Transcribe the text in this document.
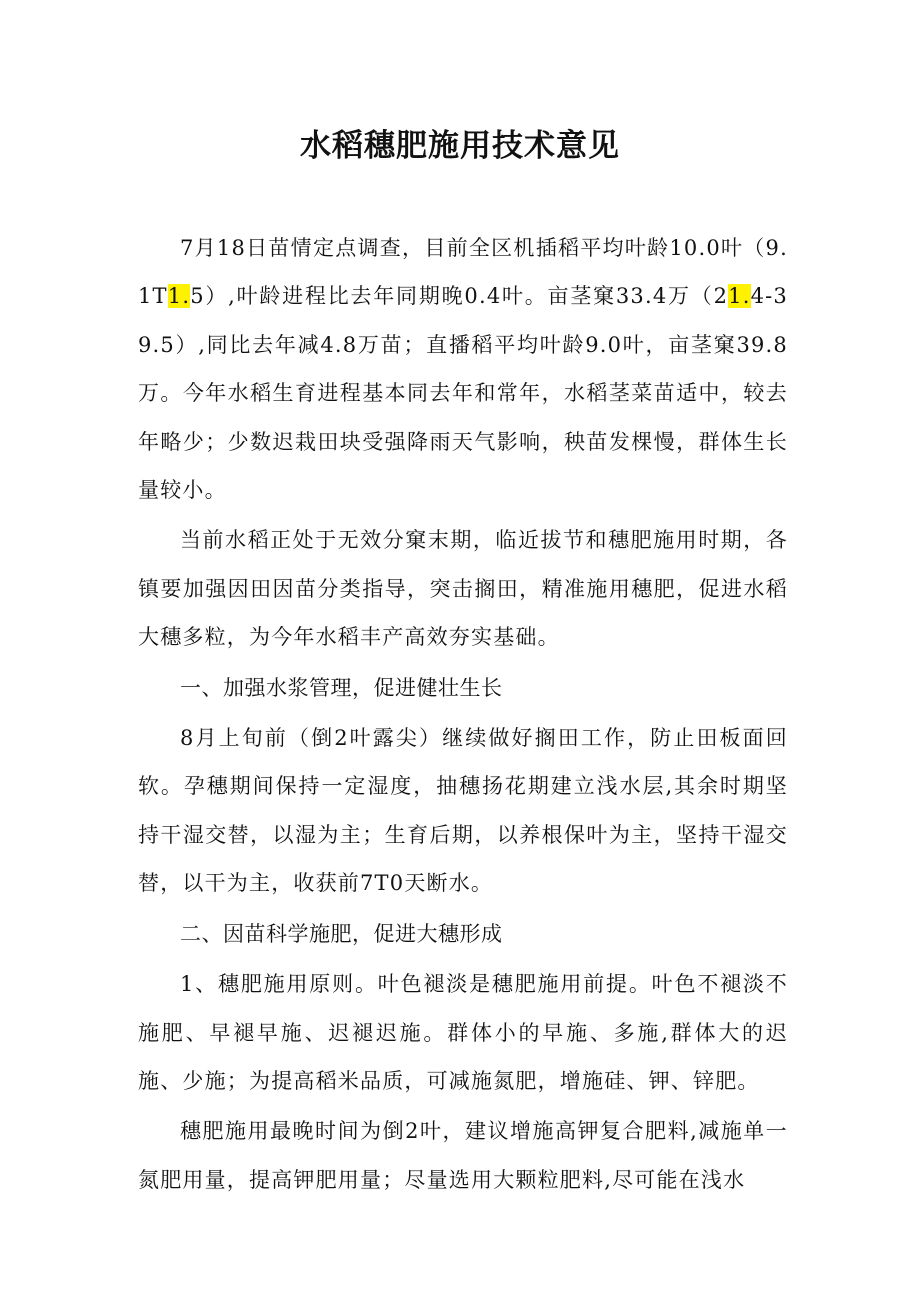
水稻穗肥施用技术意见

7月18日苗情定点调查，目前全区机插稻平均叶龄10.0叶（9.1T1.5）,叶龄进程比去年同期晚0.4叶。亩茎窠33.4万（21.4-39.5）,同比去年减4.8万苗；直播稻平均叶龄9.0叶，亩茎窠39.8万。今年水稻生育进程基本同去年和常年，水稻茎菜苗适中，较去年略少；少数迟栽田块受强降雨天气影响，秧苗发棵慢，群体生长量较小。

当前水稻正处于无效分窠末期，临近拔节和穗肥施用时期，各镇要加强因田因苗分类指导，突击搁田，精准施用穗肥，促进水稻大穗多粒，为今年水稻丰产高效夯实基础。

一、加强水浆管理，促进健壮生长

8月上旬前（倒2叶露尖）继续做好搁田工作，防止田板面回软。孕穗期间保持一定湿度，抽穗扬花期建立浅水层,其余时期坚持干湿交替，以湿为主；生育后期，以养根保叶为主，坚持干湿交替，以干为主，收获前7T0天断水。

二、因苗科学施肥，促进大穗形成

1、穗肥施用原则。叶色褪淡是穗肥施用前提。叶色不褪淡不施肥、早褪早施、迟褪迟施。群体小的早施、多施,群体大的迟施、少施；为提高稻米品质，可减施氮肥，增施硅、钾、锌肥。

穗肥施用最晚时间为倒2叶，建议增施高钾复合肥料,减施单一氮肥用量，提高钾肥用量；尽量选用大颗粒肥料,尽可能在浅水
